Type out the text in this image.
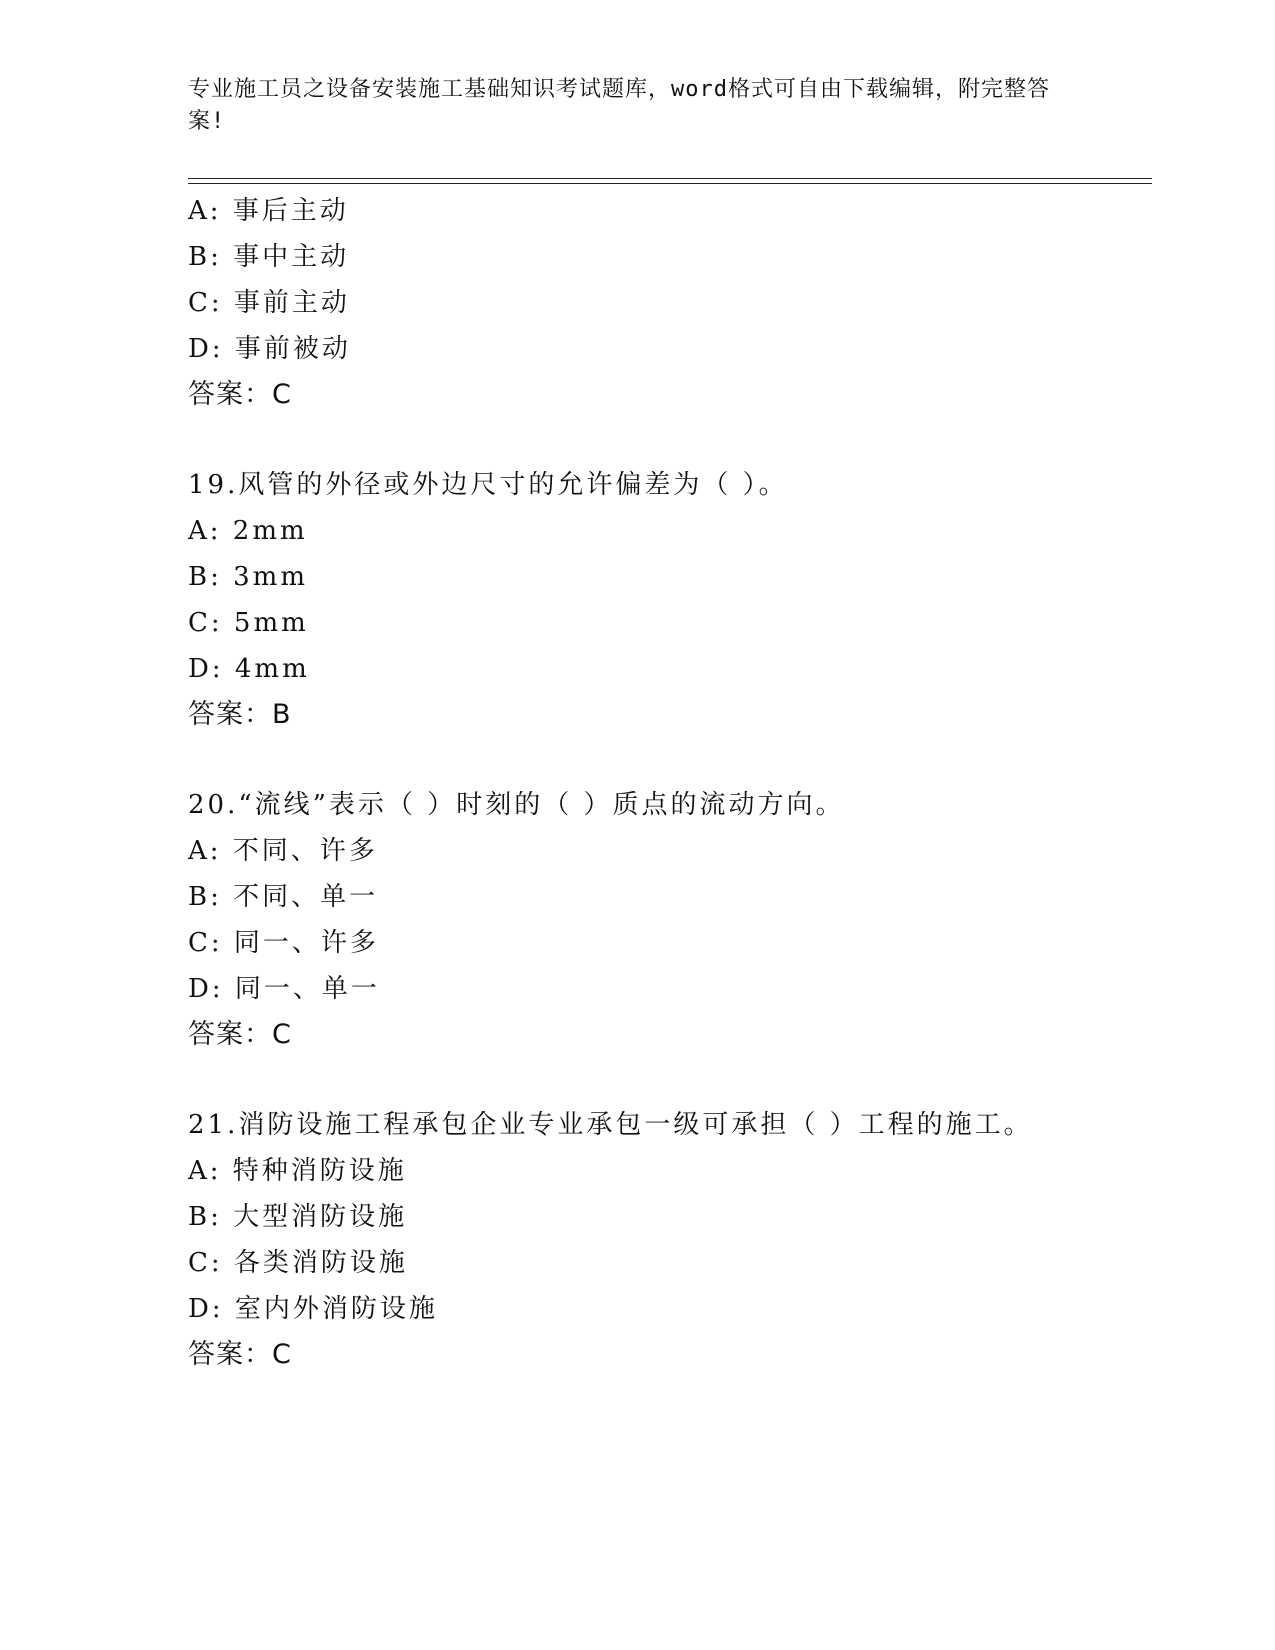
专业施工员之设备安装施工基础知识考试题库，word格式可自由下载编辑，附完整答案!
A: 事后主动
B: 事中主动
C: 事前主动
D: 事前被动
答案：C
19.风管的外径或外边尺寸的允许偏差为（ ）。
A: 2mm
B: 3mm
C: 5mm
D: 4mm
答案：B
20.“流线”表示（ ）时刻的（ ）质点的流动方向。
A: 不同、许多
B: 不同、单一
C: 同一、许多
D: 同一、单一
答案：C
21.消防设施工程承包企业专业承包一级可承担（ ）工程的施工。
A: 特种消防设施
B: 大型消防设施
C: 各类消防设施
D: 室内外消防设施
答案：C
